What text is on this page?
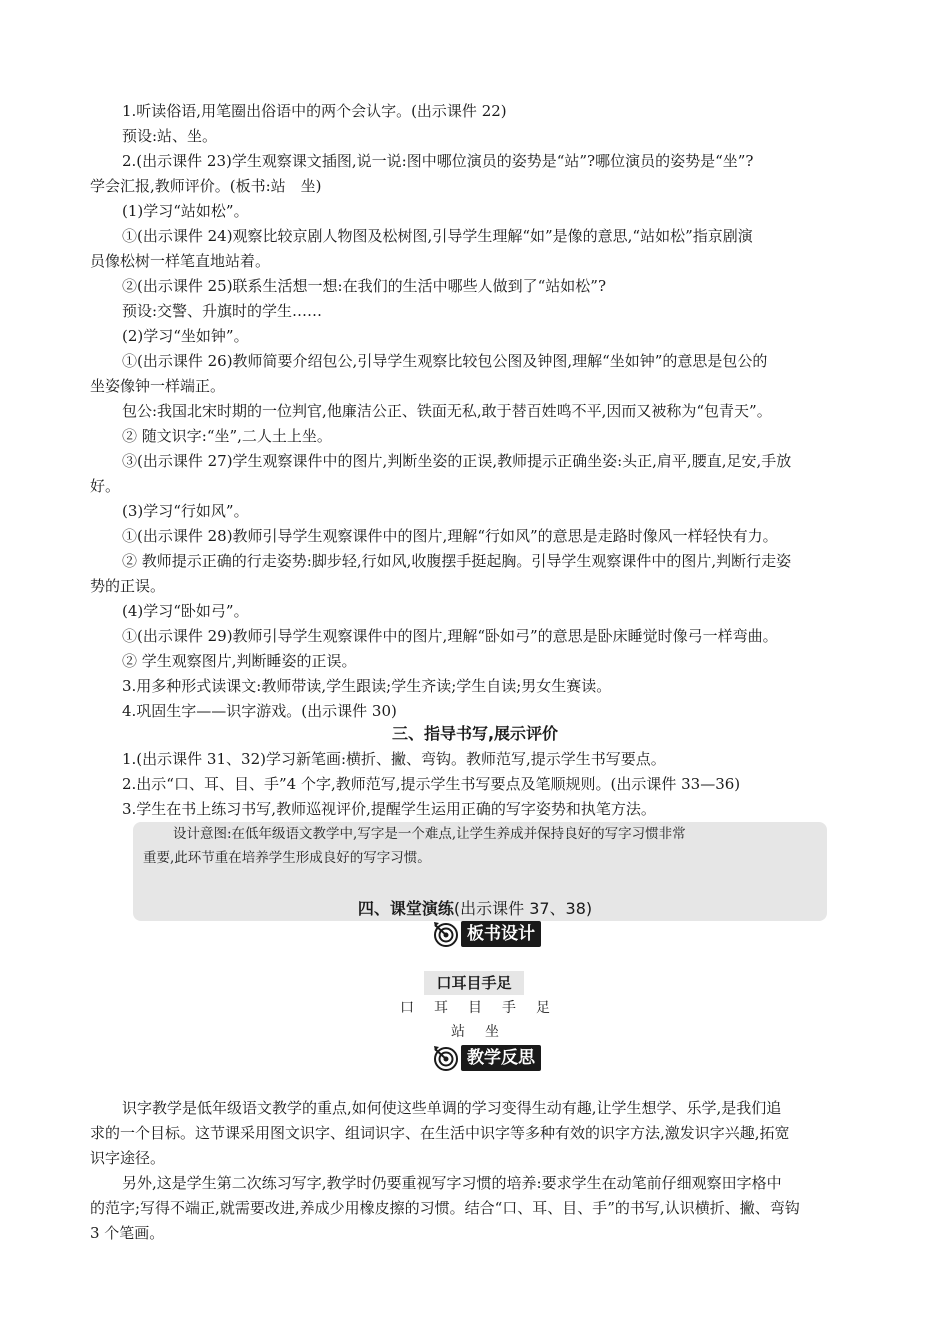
1.听读俗语,用笔圈出俗语中的两个会认字。(出示课件 22)
预设:站、坐。
2.(出示课件 23)学生观察课文插图,说一说:图中哪位演员的姿势是“站”?哪位演员的姿势是“坐”?
学会汇报,教师评价。(板书:站　坐)
(1)学习“站如松”。
①(出示课件 24)观察比较京剧人物图及松树图,引导学生理解“如”是像的意思,“站如松”指京剧演
员像松树一样笔直地站着。
②(出示课件 25)联系生活想一想:在我们的生活中哪些人做到了“站如松”?
预设:交警、升旗时的学生……
(2)学习“坐如钟”。
①(出示课件 26)教师简要介绍包公,引导学生观察比较包公图及钟图,理解“坐如钟”的意思是包公的
坐姿像钟一样端正。
包公:我国北宋时期的一位判官,他廉洁公正、铁面无私,敢于替百姓鸣不平,因而又被称为“包青天”。
② 随文识字:“坐”,二人土上坐。
③(出示课件 27)学生观察课件中的图片,判断坐姿的正误,教师提示正确坐姿:头正,肩平,腰直,足安,手放
好。
(3)学习“行如风”。
①(出示课件 28)教师引导学生观察课件中的图片,理解“行如风”的意思是走路时像风一样轻快有力。
② 教师提示正确的行走姿势:脚步轻,行如风,收腹摆手挺起胸。引导学生观察课件中的图片,判断行走姿
势的正误。
(4)学习“卧如弓”。
①(出示课件 29)教师引导学生观察课件中的图片,理解“卧如弓”的意思是卧床睡觉时像弓一样弯曲。
② 学生观察图片,判断睡姿的正误。
3.用多种形式读课文:教师带读,学生跟读;学生齐读;学生自读;男女生赛读。
4.巩固生字——识字游戏。(出示课件 30)
三、指导书写,展示评价
1.(出示课件 31、32)学习新笔画:横折、撇、弯钩。教师范写,提示学生书写要点。
2.出示“口、耳、目、手”4 个字,教师范写,提示学生书写要点及笔顺规则。(出示课件 33—36)
3.学生在书上练习书写,教师巡视评价,提醒学生运用正确的写字姿势和执笔方法。
设计意图:在低年级语文教学中,写字是一个难点,让学生养成并保持良好的写字习惯非常
重要,此环节重在培养学生形成良好的写字习惯。
四、课堂演练(出示课件 37、38)
板书设计
口耳目手足
口 耳 目 手 足
站 坐
教学反思
识字教学是低年级语文教学的重点,如何使这些单调的学习变得生动有趣,让学生想学、乐学,是我们追
求的一个目标。这节课采用图文识字、组词识字、在生活中识字等多种有效的识字方法,激发识字兴趣,拓宽
识字途径。
另外,这是学生第二次练习写字,教学时仍要重视写字习惯的培养:要求学生在动笔前仔细观察田字格中
的范字;写得不端正,就需要改进,养成少用橡皮擦的习惯。结合“口、耳、目、手”的书写,认识横折、撇、弯钩
3 个笔画。
